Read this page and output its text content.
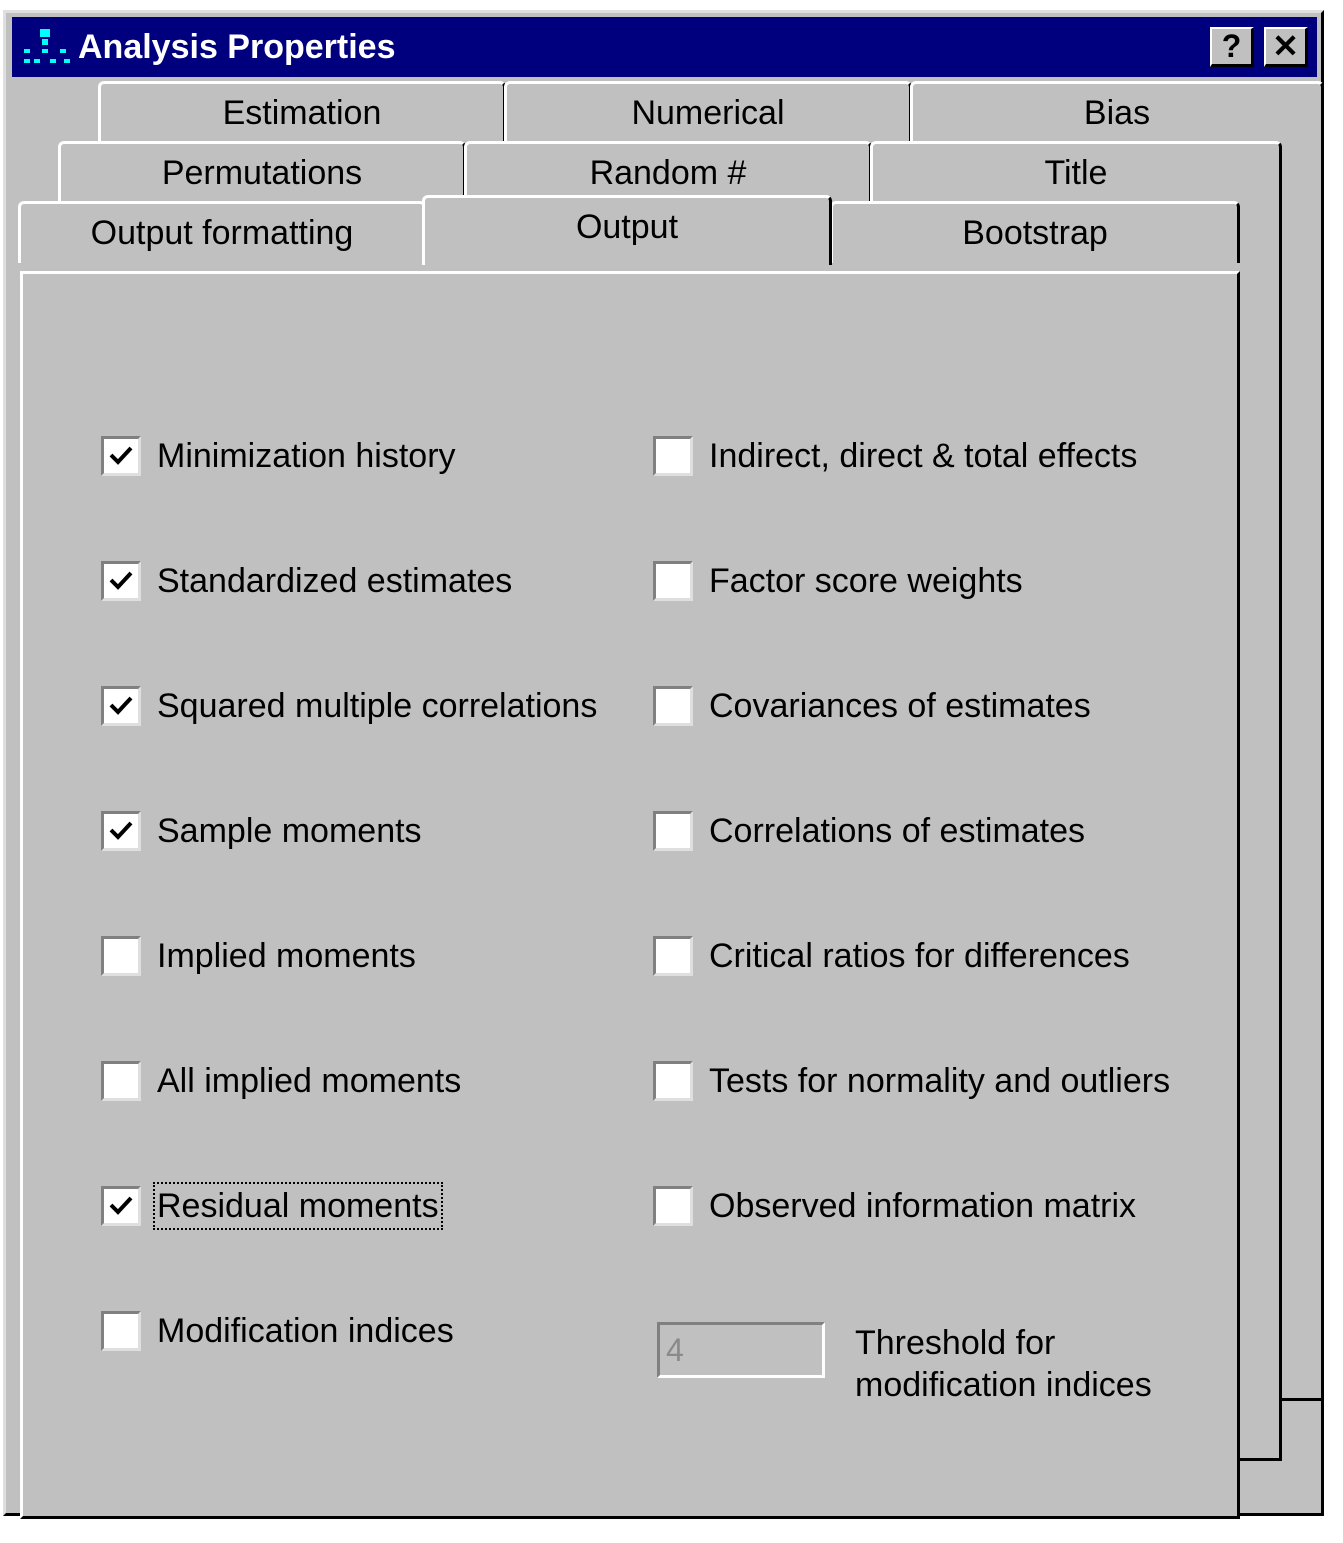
Analysis Properties	? ✕
Estimation	Numerical	Bias
Permutations	Random #	Title
Output formatting	Output	Bootstrap
Minimization history
Standardized estimates
Squared multiple correlations
Sample moments
Implied moments
All implied moments
Residual moments
Modification indices
Indirect, direct & total effects
Factor score weights
Covariances of estimates
Correlations of estimates
Critical ratios for differences
Tests for normality and outliers
Observed information matrix
4	Threshold for modification indices
